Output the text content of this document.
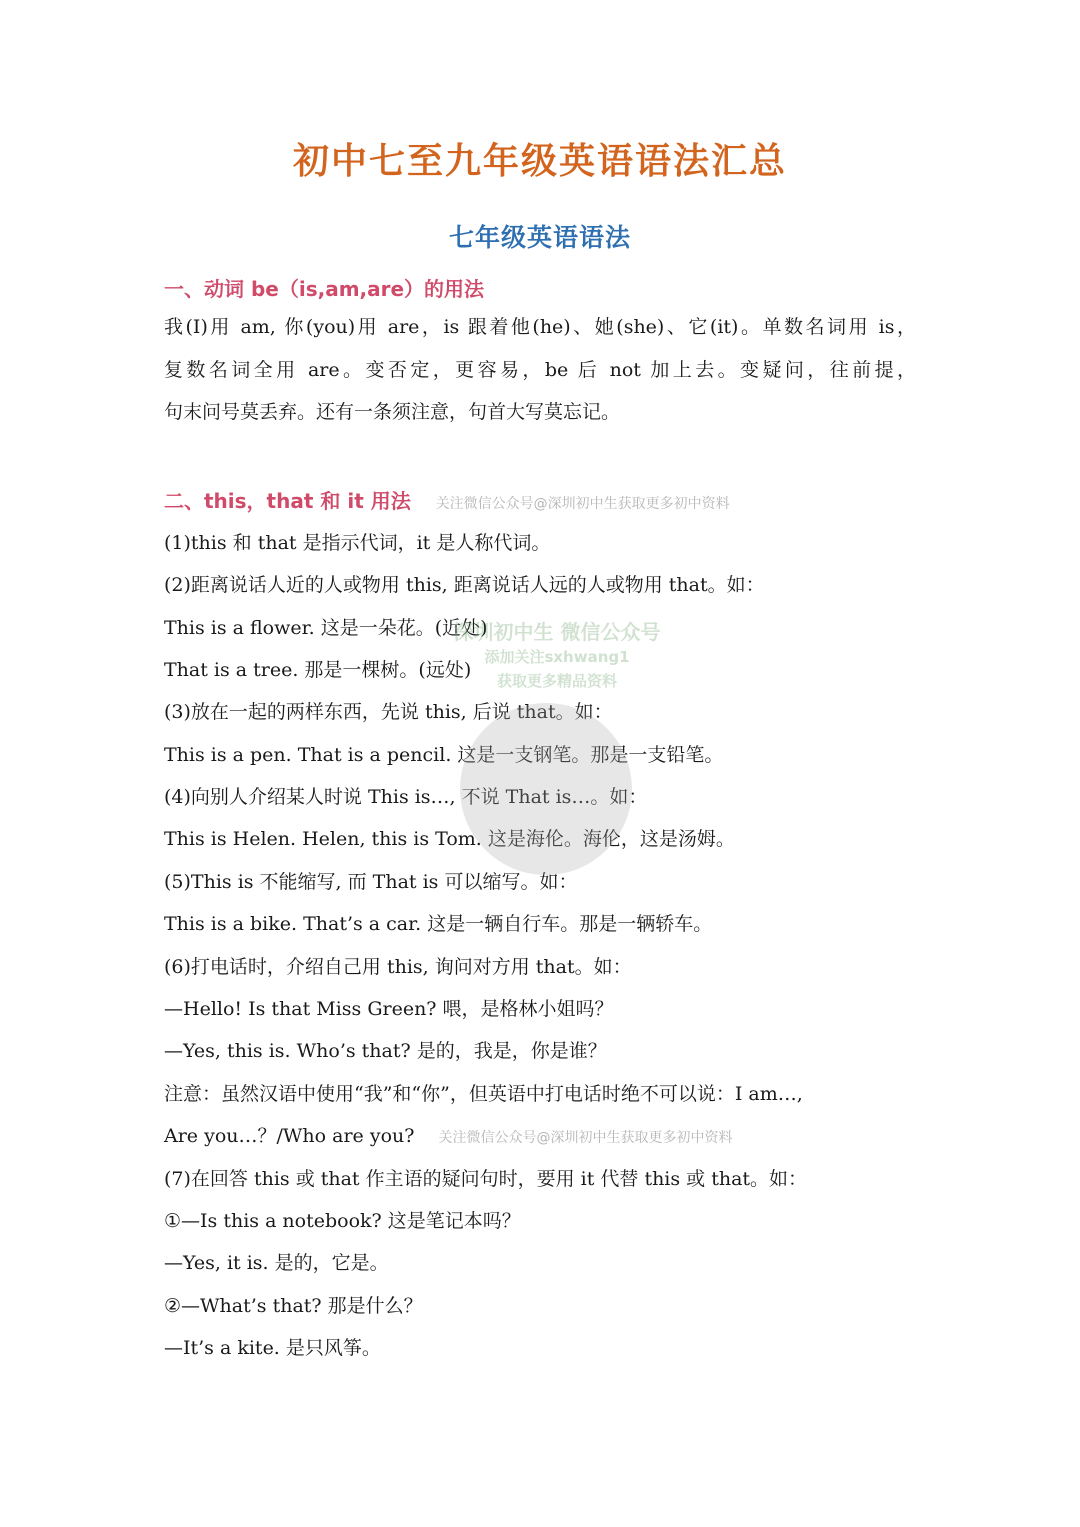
初中七至九年级英语语法汇总
七年级英语语法
一、动词 be（is,am,are）的用法
我(I)用 am, 你(you)用 are，is 跟着他(he)、她(she)、它(it)。单数名词用 is，
复数名词全用 are。变否定，更容易，be 后 not 加上去。变疑问，往前提，
句末问号莫丢弃。还有一条须注意，句首大写莫忘记。
二、this，that 和 it 用法 关注微信公众号@深圳初中生获取更多初中资料
(1)this 和 that 是指示代词，it 是人称代词。
(2)距离说话人近的人或物用 this, 距离说话人远的人或物用 that。如：
This is a flower. 这是一朵花。(近处)
That is a tree. 那是一棵树。(远处)
(3)放在一起的两样东西，先说 this, 后说 that。如：
This is a pen. That is a pencil. 这是一支钢笔。那是一支铅笔。
(4)向别人介绍某人时说 This is…, 不说 That is…。如：
This is Helen. Helen, this is Tom. 这是海伦。海伦，这是汤姆。
(5)This is 不能缩写, 而 That is 可以缩写。如：
This is a bike. That’s a car. 这是一辆自行车。那是一辆轿车。
(6)打电话时，介绍自己用 this, 询问对方用 that。如：
—Hello! Is that Miss Green? 喂，是格林小姐吗？
—Yes, this is. Who’s that? 是的，我是，你是谁？
注意：虽然汉语中使用“我”和“你”，但英语中打电话时绝不可以说：I am…,
Are you…？/Who are you? 关注微信公众号@深圳初中生获取更多初中资料
(7)在回答 this 或 that 作主语的疑问句时，要用 it 代替 this 或 that。如：
①—Is this a notebook? 这是笔记本吗？
—Yes, it is. 是的，它是。
②—What’s that? 那是什么？
—It’s a kite. 是只风筝。
深圳初中生 微信公众号
添加关注sxhwang1
获取更多精品资料
